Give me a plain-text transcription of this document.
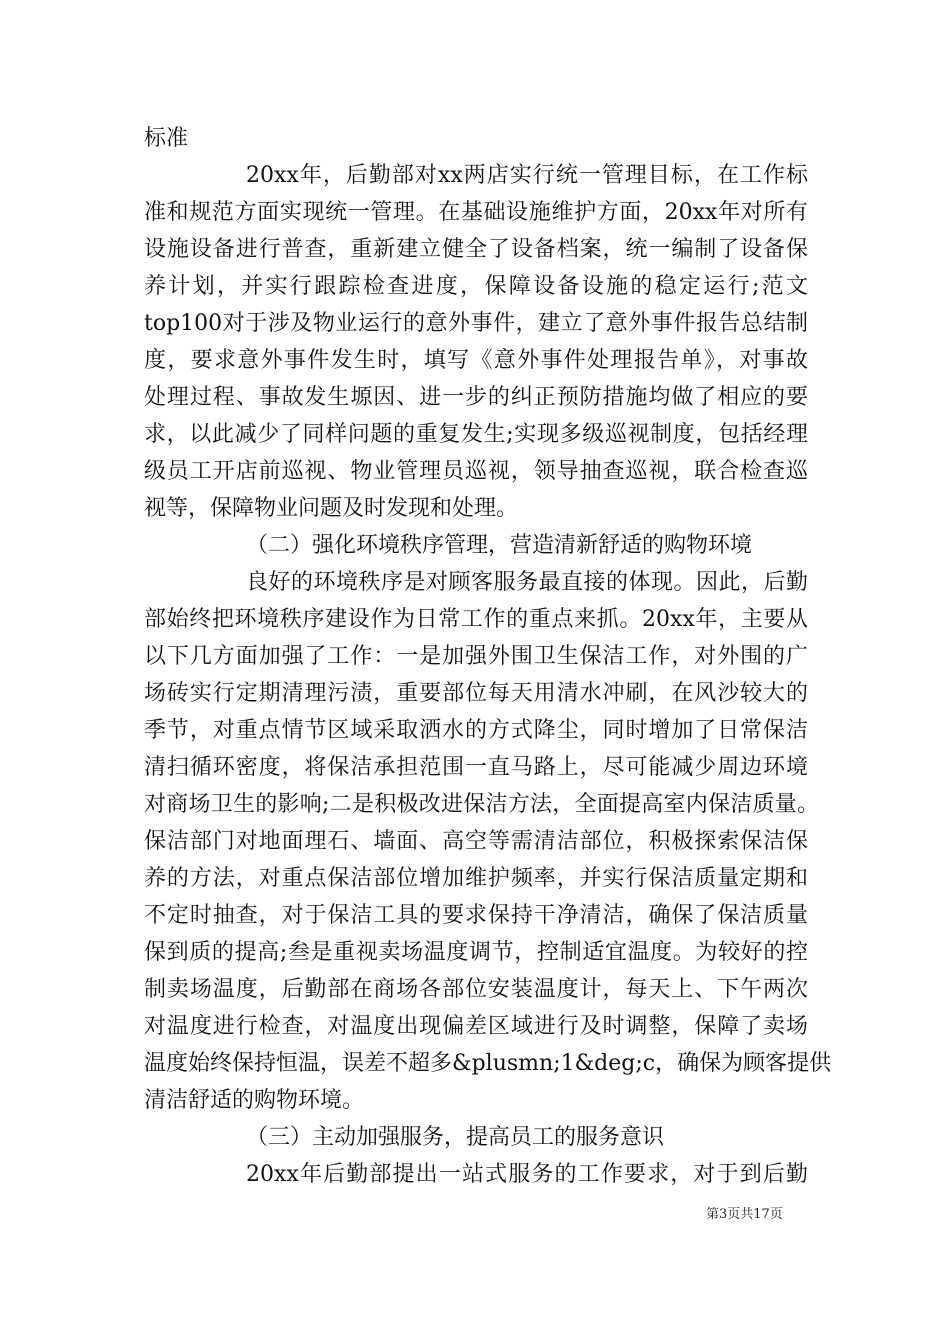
标准

20xx年，后勤部对xx两店实行统一管理目标，在工作标

准和规范方面实现统一管理。在基础设施维护方面，20xx年对所有

设施设备进行普查，重新建立健全了设备档案，统一编制了设备保

养计划，并实行跟踪检查进度，保障设备设施的稳定运行;范文

top100对于涉及物业运行的意外事件，建立了意外事件报告总结制

度，要求意外事件发生时，填写《意外事件处理报告单》，对事故

处理过程、事故发生塬因、进一步的纠正预防措施均做了相应的要

求，以此减少了同样问题的重复发生;实现多级巡视制度，包括经理

级员工开店前巡视、物业管理员巡视，领导抽查巡视，联合检查巡

视等，保障物业问题及时发现和处理。

（二）强化环境秩序管理，营造清新舒适的购物环境

良好的环境秩序是对顾客服务最直接的体现。因此，后勤

部始终把环境秩序建设作为日常工作的重点来抓。20xx年，主要从

以下几方面加强了工作：一是加强外围卫生保洁工作，对外围的广

场砖实行定期清理污渍，重要部位每天用清水冲刷，在风沙较大的

季节，对重点情节区域采取洒水的方式降尘，同时增加了日常保洁

清扫循环密度，将保洁承担范围一直马路上，尽可能减少周边环境

对商场卫生的影响;二是积极改进保洁方法，全面提高室内保洁质量。

保洁部门对地面理石、墙面、高空等需清洁部位，积极探索保洁保

养的方法，对重点保洁部位增加维护频率，并实行保洁质量定期和

不定时抽查，对于保洁工具的要求保持干净清洁，确保了保洁质量

保到质的提高;叁是重视卖场温度调节，控制适宜温度。为较好的控

制卖场温度，后勤部在商场各部位安装温度计，每天上、下午两次

对温度进行检查，对温度出现偏差区域进行及时调整，保障了卖场

温度始终保持恒温，误差不超多&plusmn;1&deg;c，确保为顾客提供

清洁舒适的购物环境。

（三）主动加强服务，提高员工的服务意识

20xx年后勤部提出一站式服务的工作要求，对于到后勤

第3页共17页
